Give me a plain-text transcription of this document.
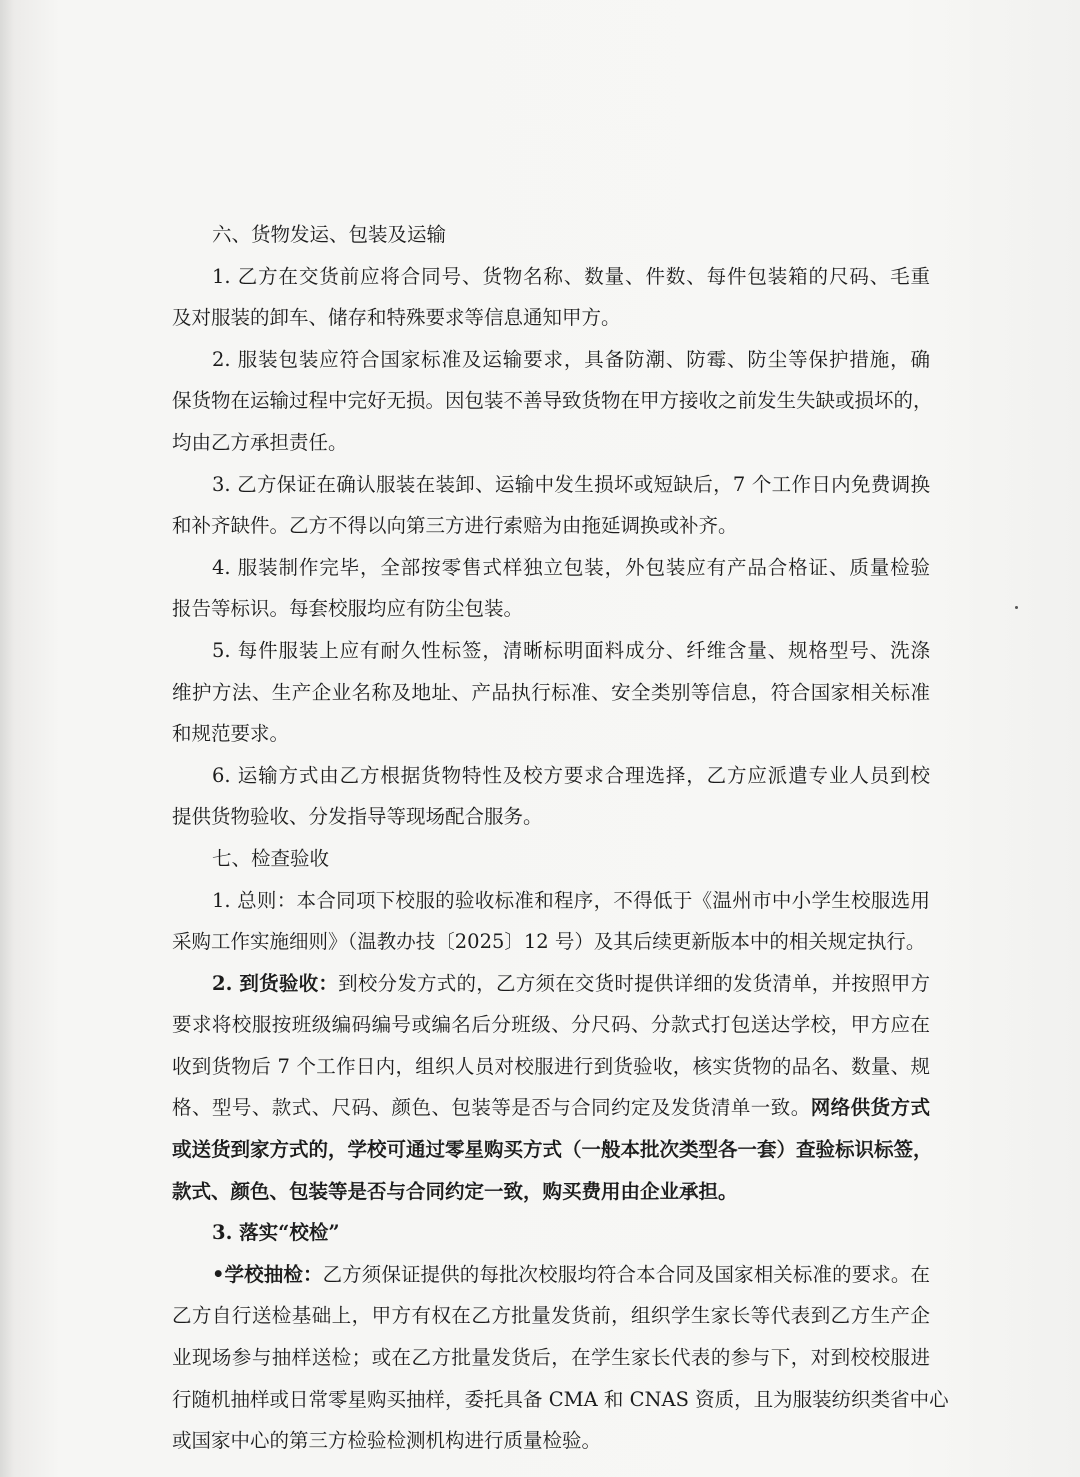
六、货物发运、包装及运输
1. 乙方在交货前应将合同号、货物名称、数量、件数、每件包装箱的尺码、毛重
及对服装的卸车、储存和特殊要求等信息通知甲方。
2. 服装包装应符合国家标准及运输要求，具备防潮、防霉、防尘等保护措施，确
保货物在运输过程中完好无损。因包装不善导致货物在甲方接收之前发生失缺或损坏的，
均由乙方承担责任。
3. 乙方保证在确认服装在装卸、运输中发生损坏或短缺后，7 个工作日内免费调换
和补齐缺件。乙方不得以向第三方进行索赔为由拖延调换或补齐。
4. 服装制作完毕，全部按零售式样独立包装，外包装应有产品合格证、质量检验
报告等标识。每套校服均应有防尘包装。
5. 每件服装上应有耐久性标签，清晰标明面料成分、纤维含量、规格型号、洗涤
维护方法、生产企业名称及地址、产品执行标准、安全类别等信息，符合国家相关标准
和规范要求。
6. 运输方式由乙方根据货物特性及校方要求合理选择，乙方应派遣专业人员到校
提供货物验收、分发指导等现场配合服务。
七、检查验收
1. 总则：本合同项下校服的验收标准和程序，不得低于《温州市中小学生校服选用
采购工作实施细则》（温教办技〔2025〕12 号）及其后续更新版本中的相关规定执行。
2. 到货验收：到校分发方式的，乙方须在交货时提供详细的发货清单，并按照甲方
要求将校服按班级编码编号或编名后分班级、分尺码、分款式打包送达学校，甲方应在
收到货物后 7 个工作日内，组织人员对校服进行到货验收，核实货物的品名、数量、规
格、型号、款式、尺码、颜色、包装等是否与合同约定及发货清单一致。网络供货方式
或送货到家方式的，学校可通过零星购买方式（一般本批次类型各一套）查验标识标签，
款式、颜色、包装等是否与合同约定一致，购买费用由企业承担。
3. 落实“校检”
•学校抽检：乙方须保证提供的每批次校服均符合本合同及国家相关标准的要求。在
乙方自行送检基础上，甲方有权在乙方批量发货前，组织学生家长等代表到乙方生产企
业现场参与抽样送检；或在乙方批量发货后，在学生家长代表的参与下，对到校校服进
行随机抽样或日常零星购买抽样，委托具备 CMA 和 CNAS 资质，且为服装纺织类省中心
或国家中心的第三方检验检测机构进行质量检验。
